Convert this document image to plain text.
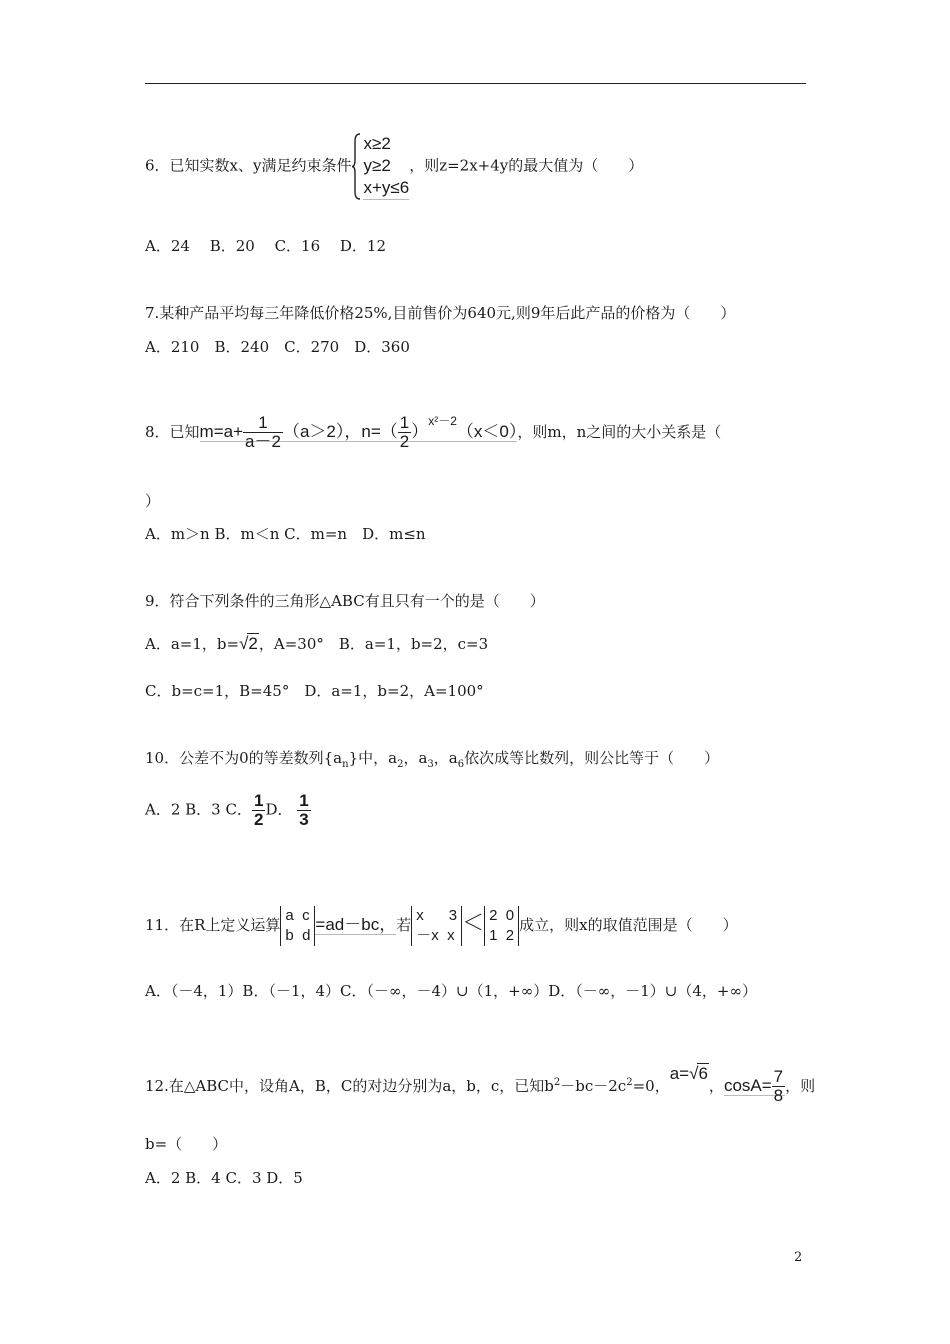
6．已知实数x、y满足约束条件
x≥2
y≥2
x+y≤6
，则z=2x+4y的最大值为（　　）
A．24　 B．20　 C．16　 D．12
7.某种产品平均每三年降低价格25%,目前售价为640元,则9年后此产品的价格为（　　）
A．210　B．240　C．270　D．360
8．已知$m=a+ \frac{1}{a-2} (a>2)$，$n=( \frac{1}{2} )^{x^2-2}(x<0)$，则m，n之间的大小关系是（
）
A．m＞n B．m＜n C．m=n　D．m≤n
9．符合下列条件的三角形△ABC有且只有一个的是（　　）
A．a=1，b=√2，A=30°　B．a=1，b=2，c=3
C．b=c=1，B=45°　D．a=1，b=2，A=100°
10．公差不为0的等差数列$\{a_n\}$中，$a_2$，$a_3$，$a_6$依次成等比数列，则公比等于（　　）
A．2 B．3 C． $\frac{1}{2}$ D． $\frac{1}{3}$
11．在R上定义运算
a  c
b  d
=ad－bc，若
x      3
－x  x
＜ 2  0
1  2
成立，则x的取值范围是（　　）
A．（－4，1）B．（－1，4）C．（－∞，－4）∪（1，+∞）D．（－∞，－1）∪（4，+∞）
12.在△ABC中，设角A，B，C的对边分别为a，b，c，已知$b^2-bc-2c^2=0$，a=√6，$\cos A= \frac{7}{8}$ ，则
b=（　　）
A．2 B．4 C．3 D．5
2
